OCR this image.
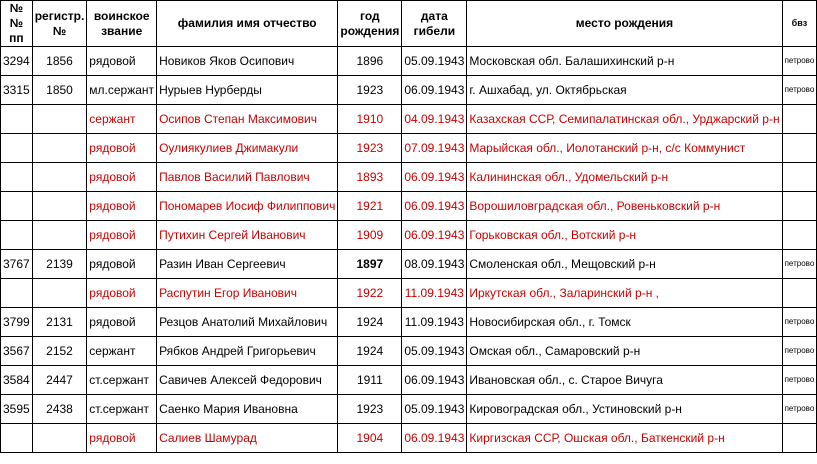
№№ пп	регистр. №	воинское звание	фамилия имя отчество	год рождения	дата гибели	место рождения	бвз
3294	1856	рядовой	Новиков Яков Осипович	1896	05.09.1943	Московская обл. Балашихинский р-н	петрово
3315	1850	мл.сержант	Нурыев Нурберды	1923	06.09.1943	г. Ашхабад, ул. Октябрьская	петрово
		сержант	Осипов Степан Максимович	1910	04.09.1943	Казахская ССР, Семипалатинская обл., Урджарский р-н	
		рядовой	Оулиякулиев Джимакули	1923	07.09.1943	Марыйская обл., Иолотанский р-н, с/с Коммунист	
		рядовой	Павлов Василий Павлович	1893	06.09.1943	Калининская обл., Удомельский р-н	
		рядовой	Пономарев Иосиф Филиппович	1921	06.09.1943	Ворошиловградская обл., Ровеньковский р-н	
		рядовой	Путихин Сергей Иванович	1909	06.09.1943	Горьковская обл., Вотский р-н	
3767	2139	рядовой	Разин Иван Сергеевич	1897	08.09.1943	Смоленская обл., Мещовский р-н	петрово
		рядовой	Распутин Егор Иванович	1922	11.09.1943	Иркутская обл., Заларинский р-н ,	
3799	2131	рядовой	Резцов Анатолий Михайлович	1924	11.09.1943	Новосибирская обл., г. Томск	петрово
3567	2152	сержант	Рябков Андрей Григорьевич	1924	05.09.1943	Омская обл., Самаровский р-н	петрово
3584	2447	ст.сержант	Савичев Алексей Федорович	1911	06.09.1943	Ивановская обл., с. Старое Вичуга	петрово
3595	2438	ст.сержант	Саенко Мария Ивановна	1923	05.09.1943	Кировоградская обл., Устиновский р-н	петрово
		рядовой	Салиев Шамурад	1904	06.09.1943	Киргизская ССР, Ошская обл., Баткенский р-н	
